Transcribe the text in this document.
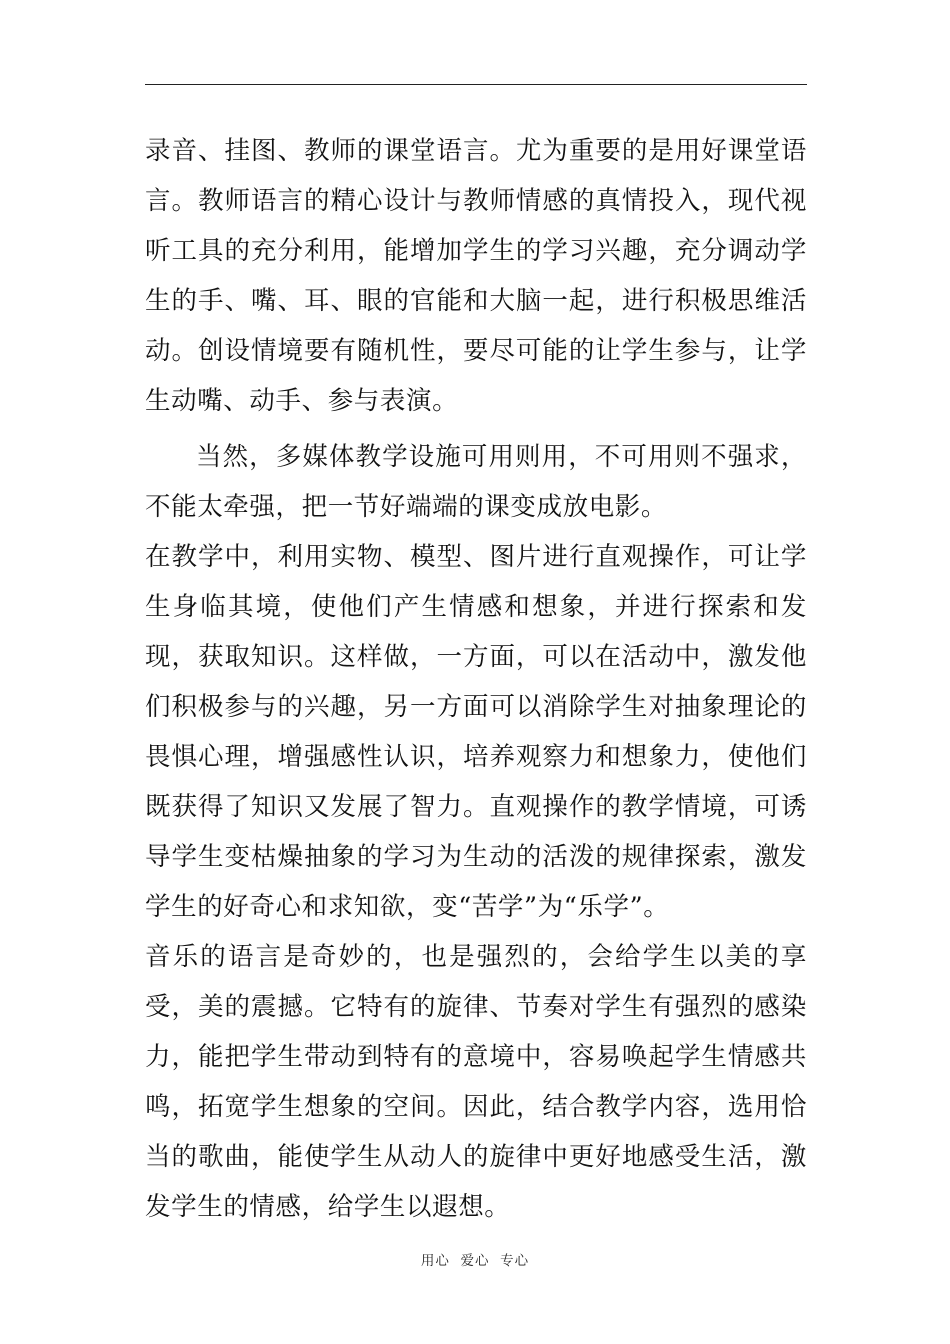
录音、挂图、教师的课堂语言。尤为重要的是用好课堂语言。教师语言的精心设计与教师情感的真情投入，现代视听工具的充分利用，能增加学生的学习兴趣，充分调动学生的手、嘴、耳、眼的官能和大脑一起，进行积极思维活动。创设情境要有随机性，要尽可能的让学生参与，让学生动嘴、动手、参与表演。

当然，多媒体教学设施可用则用，不可用则不强求，不能太牵强，把一节好端端的课变成放电影。

在教学中，利用实物、模型、图片进行直观操作，可让学生身临其境，使他们产生情感和想象，并进行探索和发现，获取知识。这样做，一方面，可以在活动中，激发他们积极参与的兴趣，另一方面可以消除学生对抽象理论的畏惧心理，增强感性认识，培养观察力和想象力，使他们既获得了知识又发展了智力。直观操作的教学情境，可诱导学生变枯燥抽象的学习为生动的活泼的规律探索，激发学生的好奇心和求知欲，变“苦学”为“乐学”。

音乐的语言是奇妙的，也是强烈的，会给学生以美的享受，美的震撼。它特有的旋律、节奏对学生有强烈的感染力，能把学生带动到特有的意境中，容易唤起学生情感共鸣，拓宽学生想象的空间。因此，结合教学内容，选用恰当的歌曲，能使学生从动人的旋律中更好地感受生活，激发学生的情感，给学生以遐想。

用心  爱心  专心
